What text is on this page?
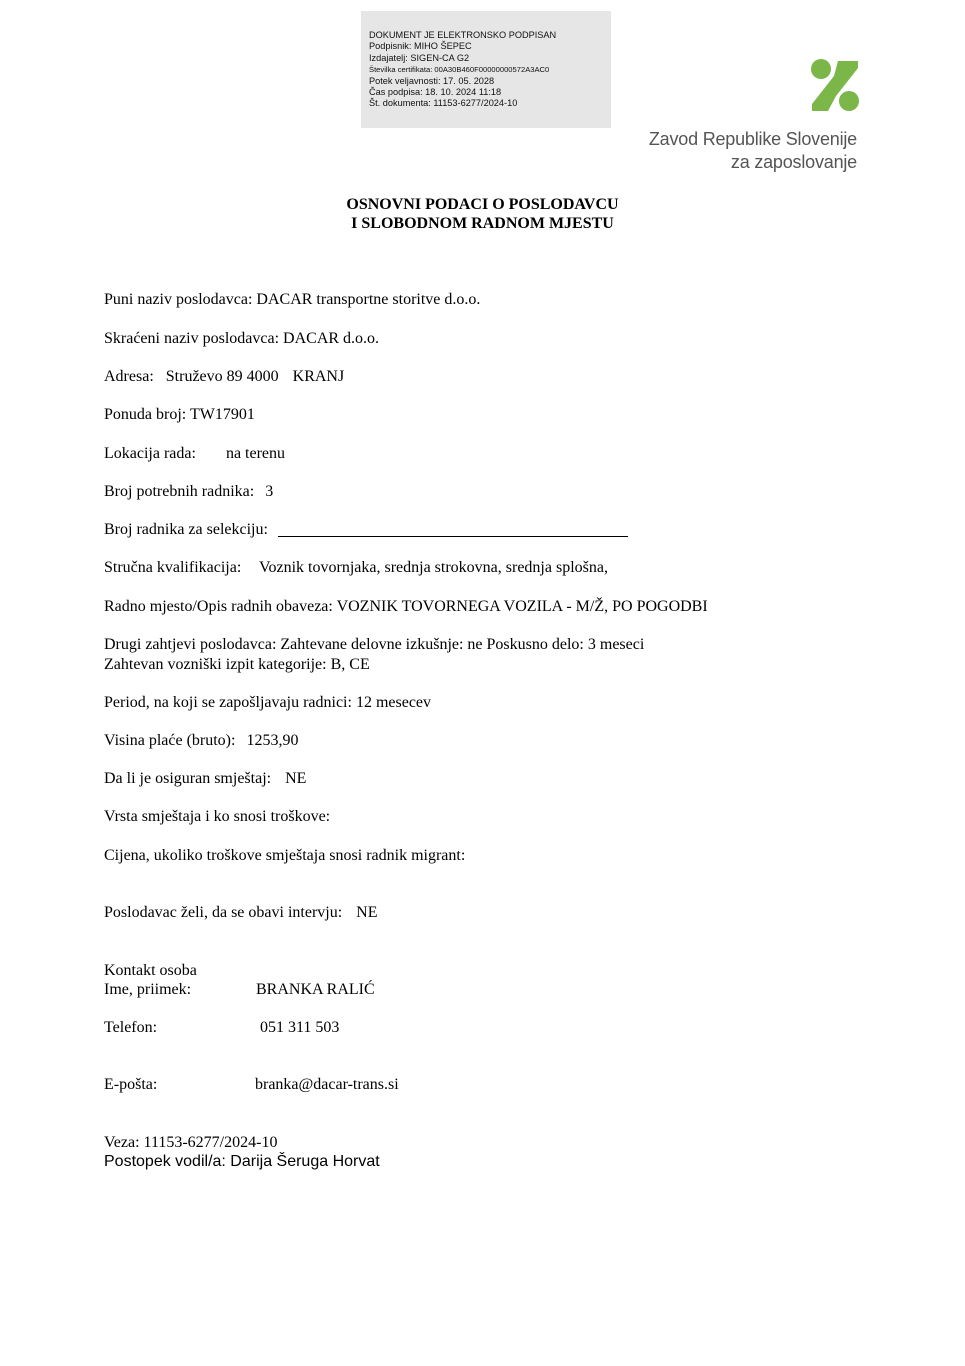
DOKUMENT JE ELEKTRONSKO PODPISAN
Podpisnik: MIHO ŠEPEC
Izdajatelj: SIGEN-CA G2
Številka certifikata: 00A30B460F00000000572A3AC0
Potek veljavnosti: 17. 05. 2028
Čas podpisa: 18. 10. 2024 11:18
Št. dokumenta: 11153-6277/2024-10
Zavod Republike Slovenije
za zaposlovanje
OSNOVNI PODACI O POSLODAVCU
I SLOBODNOM RADNOM MJESTU
Puni naziv poslodavca: DACAR transportne storitve d.o.o.
Skraćeni naziv poslodavca: DACAR d.o.o.
Adresa: Struževo 89 4000 KRANJ
Ponuda broj: TW17901
Lokacija rada: na terenu
Broj potrebnih radnika: 3
Broj radnika za selekciju:
Stručna kvalifikacija: Voznik tovornjaka, srednja strokovna, srednja splošna,
Radno mjesto/Opis radnih obaveza: VOZNIK TOVORNEGA VOZILA - M/Ž, PO POGODBI
Drugi zahtjevi poslodavca: Zahtevane delovne izkušnje: ne Poskusno delo: 3 meseci
Zahtevan vozniški izpit kategorije: B, CE
Period, na koji se zapošljavaju radnici: 12 mesecev
Visina plaće (bruto): 1253,90
Da li je osiguran smještaj: NE
Vrsta smještaja i ko snosi troškove:
Cijena, ukoliko troškove smještaja snosi radnik migrant:
Poslodavac želi, da se obavi intervju: NE
Kontakt osoba
Ime, priimek:	BRANKA RALIĆ
Telefon:	051 311 503
E-pošta:	branka@dacar-trans.si
Veza: 11153-6277/2024-10
Postopek vodil/a: Darija Šeruga Horvat
